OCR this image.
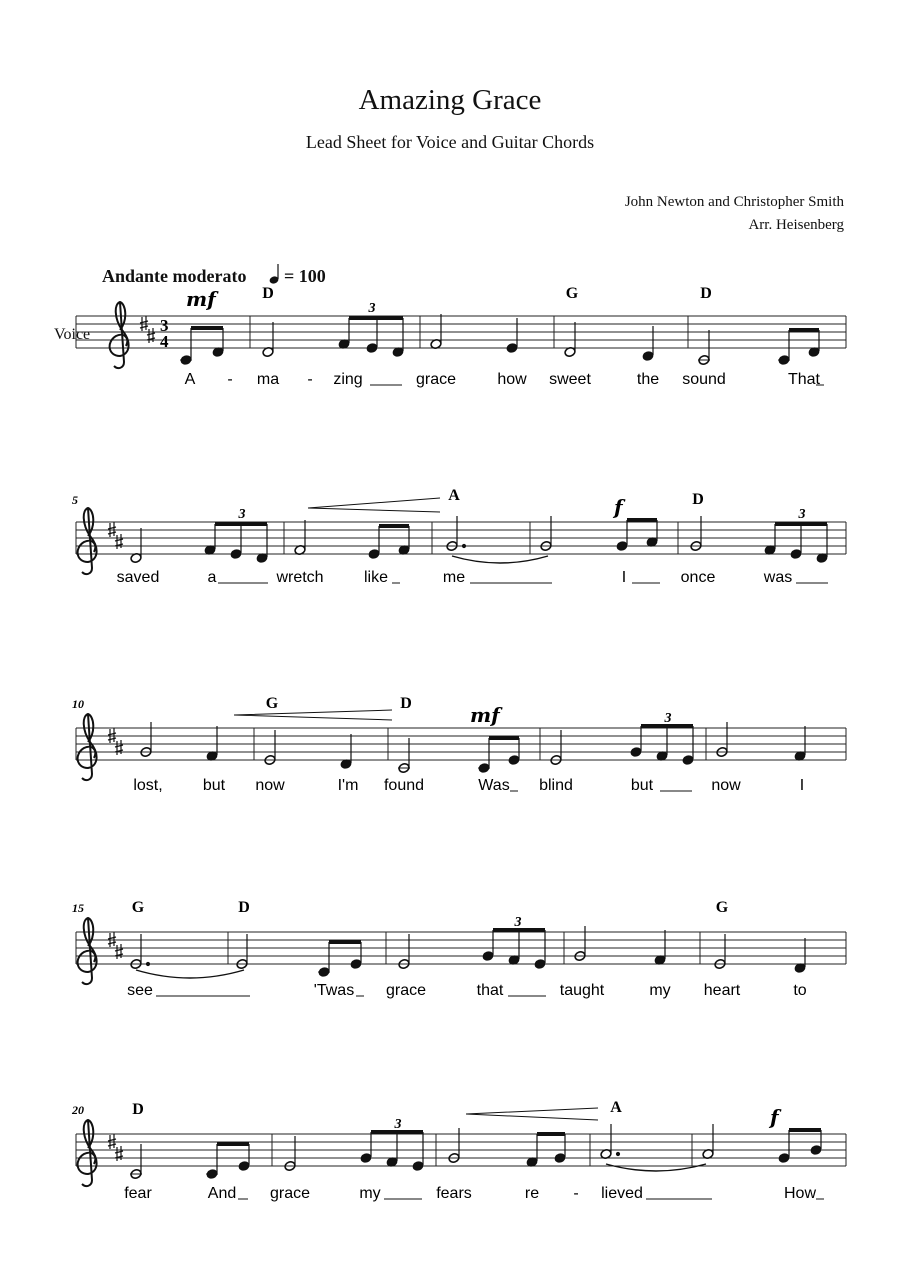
Amazing Grace
Lead Sheet for Voice and Guitar Chords
John Newton and Christopher Smith
Arr. Heisenberg
Andante moderato = 100
Voice	3
4
3
mf	D	G	D
A - ma - zing	grace	how sweet	the sound	That
5
3	3
f
A	D
saved	a	wretch	like	me	I	once	was
10
3
mf
G	D
lost,	but now	I'm found	Was blind	but	now	I
15
3
G	D	G
see	'Twas grace	that	taught	my heart	to
20
3	f
D	A
fear	And grace	my	fears	re - lieved	How
